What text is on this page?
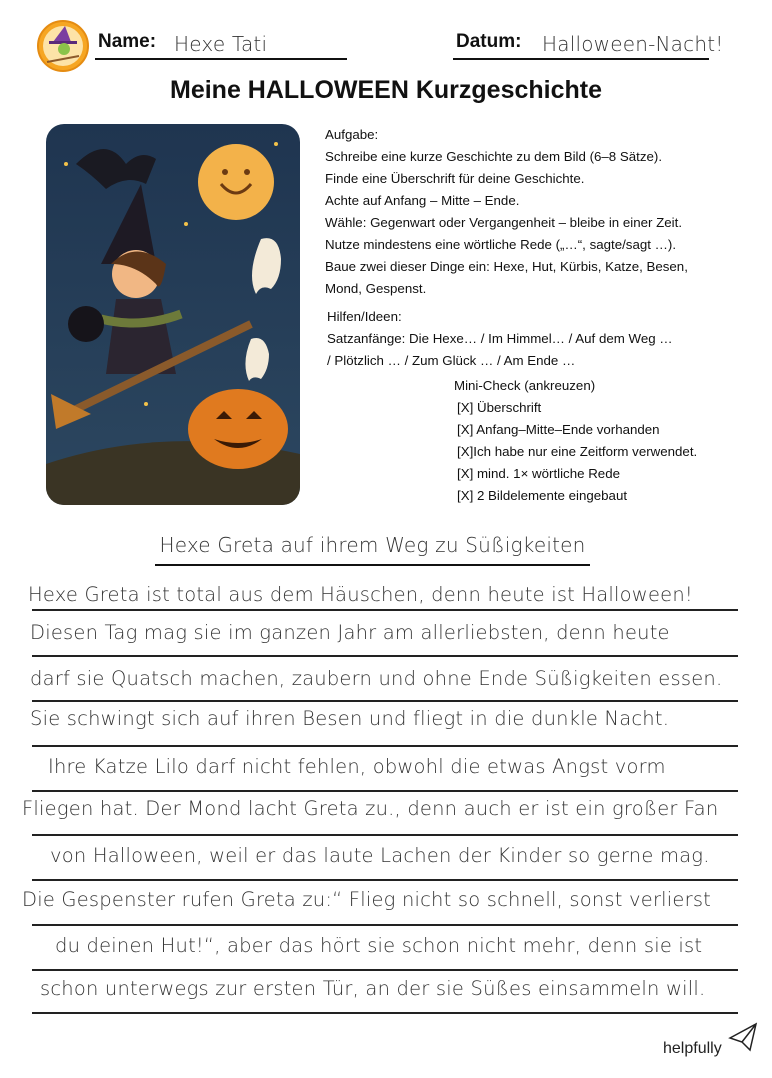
Name: Hexe Tati	Datum: Halloween-Nacht!
Meine HALLOWEEN Kurzgeschichte
Aufgabe:
Schreibe eine kurze Geschichte zu dem Bild (6–8 Sätze).
Finde eine Überschrift für deine Geschichte.
Achte auf Anfang – Mitte – Ende.
Wähle: Gegenwart oder Vergangenheit – bleibe in einer Zeit.
Nutze mindestens eine wörtliche Rede („…“, sagte/sagt …).
Baue zwei dieser Dinge ein: Hexe, Hut, Kürbis, Katze, Besen,
Mond, Gespenst.
Hilfen/Ideen:
Satzanfänge: Die Hexe… / Im Himmel… / Auf dem Weg …
/ Plötzlich … / Zum Glück … / Am Ende …
Mini-Check (ankreuzen)
[X] Überschrift
[X] Anfang–Mitte–Ende vorhanden
[X]Ich habe nur eine Zeitform verwendet.
[X] mind. 1× wörtliche Rede
[X] 2 Bildelemente eingebaut
Hexe Greta auf ihrem Weg zu Süßigkeiten
Hexe Greta ist total aus dem Häuschen, denn heute ist Halloween!
Diesen Tag mag sie im ganzen Jahr am allerliebsten, denn heute
darf sie Quatsch machen, zaubern und ohne Ende Süßigkeiten essen.
Sie schwingt sich auf ihren Besen und fliegt in die dunkle Nacht.
Ihre Katze Lilo darf nicht fehlen, obwohl die etwas Angst vorm
Fliegen hat. Der Mond lacht Greta zu., denn auch er ist ein großer Fan
von Halloween, weil er das laute Lachen der Kinder so gerne mag.
Die Gespenster rufen Greta zu:“ Flieg nicht so schnell, sonst verlierst
du deinen Hut!“, aber das hört sie schon nicht mehr, denn sie ist
schon unterwegs zur ersten Tür, an der sie Süßes einsammeln will.
helpfully
